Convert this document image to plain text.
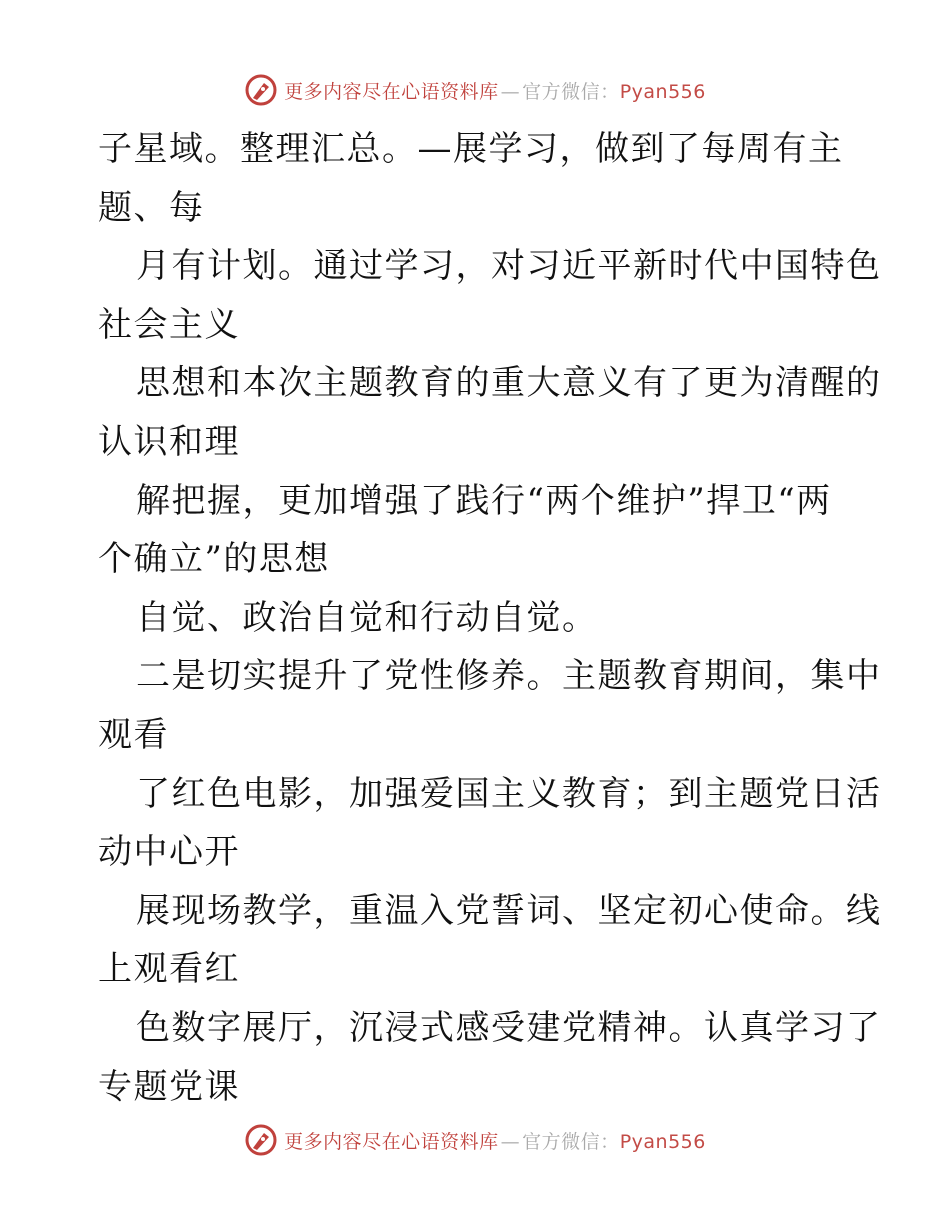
更多内容尽在心语资料库 — 官方微信：Pyan556

子星域。整理汇总。—展学习，做到了每周有主

题、每

月有计划。通过学习，对习近平新时代中国特色

社会主义

思想和本次主题教育的重大意义有了更为清醒的

认识和理

解把握，更加增强了践行“两个维护”捍卫“两

个确立”的思想

自觉、政治自觉和行动自觉。

二是切实提升了党性修养。主题教育期间，集中

观看

了红色电影，加强爱国主义教育；到主题党日活

动中心开

展现场教学，重温入党誓词、坚定初心使命。线

上观看红

色数字展厅，沉浸式感受建党精神。认真学习了

专题党课

更多内容尽在心语资料库 — 官方微信：Pyan556
